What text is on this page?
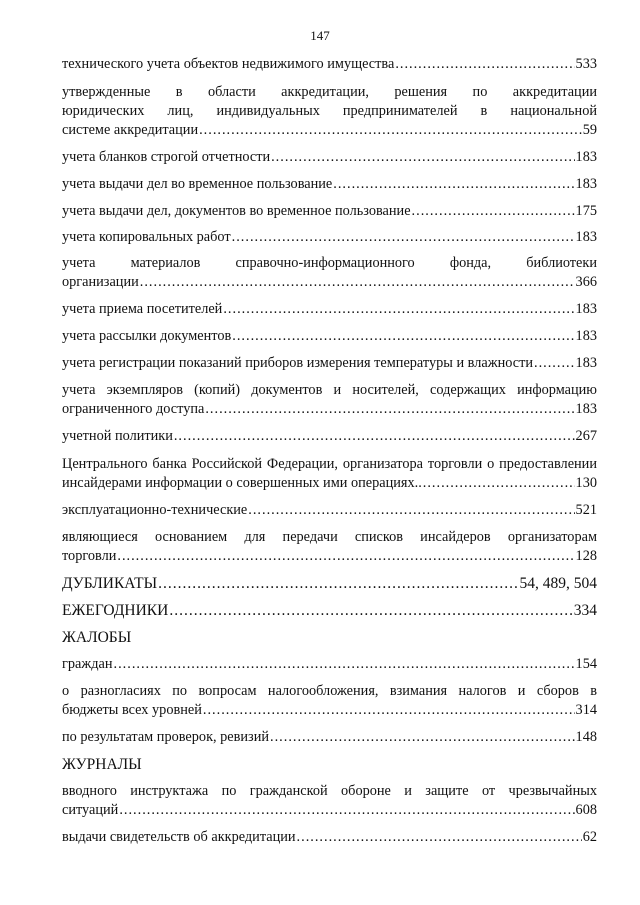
147
технического учета объектов недвижимого имущества .....	533
утвержденные в области аккредитации, решения по аккредитации
юридических лиц, индивидуальных предпринимателей в национальной
системе аккредитации .....	59
учета бланков строгой отчетности .....	183
учета выдачи дел во временное пользование .....	183
учета выдачи дел, документов во временное пользование .....	175
учета копировальных работ .....	183
учета материалов справочно-информационного фонда, библиотеки
организации .....	366
учета приема посетителей .....	183
учета рассылки документов .....	183
учета регистрации показаний приборов измерения температуры и влажности .....	183
учета экземпляров (копий) документов и носителей, содержащих информацию
ограниченного доступа .....	183
учетной политики .....	267
Центрального банка Российской Федерации, организатора торговли о предоставлении
инсайдерами информации о совершенных ими операциях.. .....	130
эксплуатационно-технические .....	521
являющиеся основанием для передачи списков инсайдеров организаторам
торговли .....	128
ДУБЛИКАТЫ .....	54, 489, 504
ЕЖЕГОДНИКИ .....	334
ЖАЛОБЫ
граждан .....	154
о разногласиях по вопросам налогообложения, взимания налогов и сборов в
бюджеты всех уровней .....	314
по результатам проверок, ревизий .....	148
ЖУРНАЛЫ
вводного инструктажа по гражданской обороне и защите от чрезвычайных
ситуаций .....	608
выдачи свидетельств об аккредитации .....	62
